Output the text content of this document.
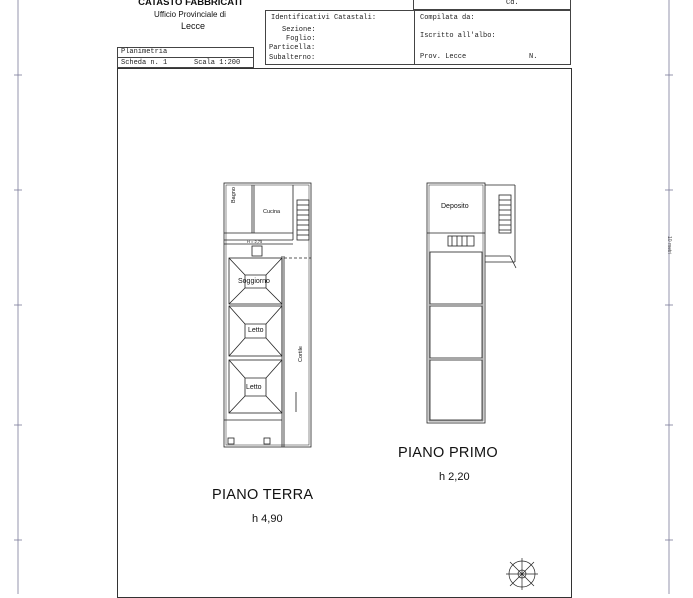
CATASTO FABBRICATI
Ufficio Provinciale di
Lecce
Cd.
Identificativi Catastali:
Sezione:
Foglio:
Particella:
Subalterno:
Compilata da:
Iscritto all'albo:
Prov. Lecce	N.
Planimetria
Scheda n. 1	Scala 1:200
Bagno
Cucina
H = 2,75
Soggiorno
Letto
Letto
Cortile
Deposito
PIANO TERRA
h 4,90
PIANO PRIMO
h 2,20
10 metri
